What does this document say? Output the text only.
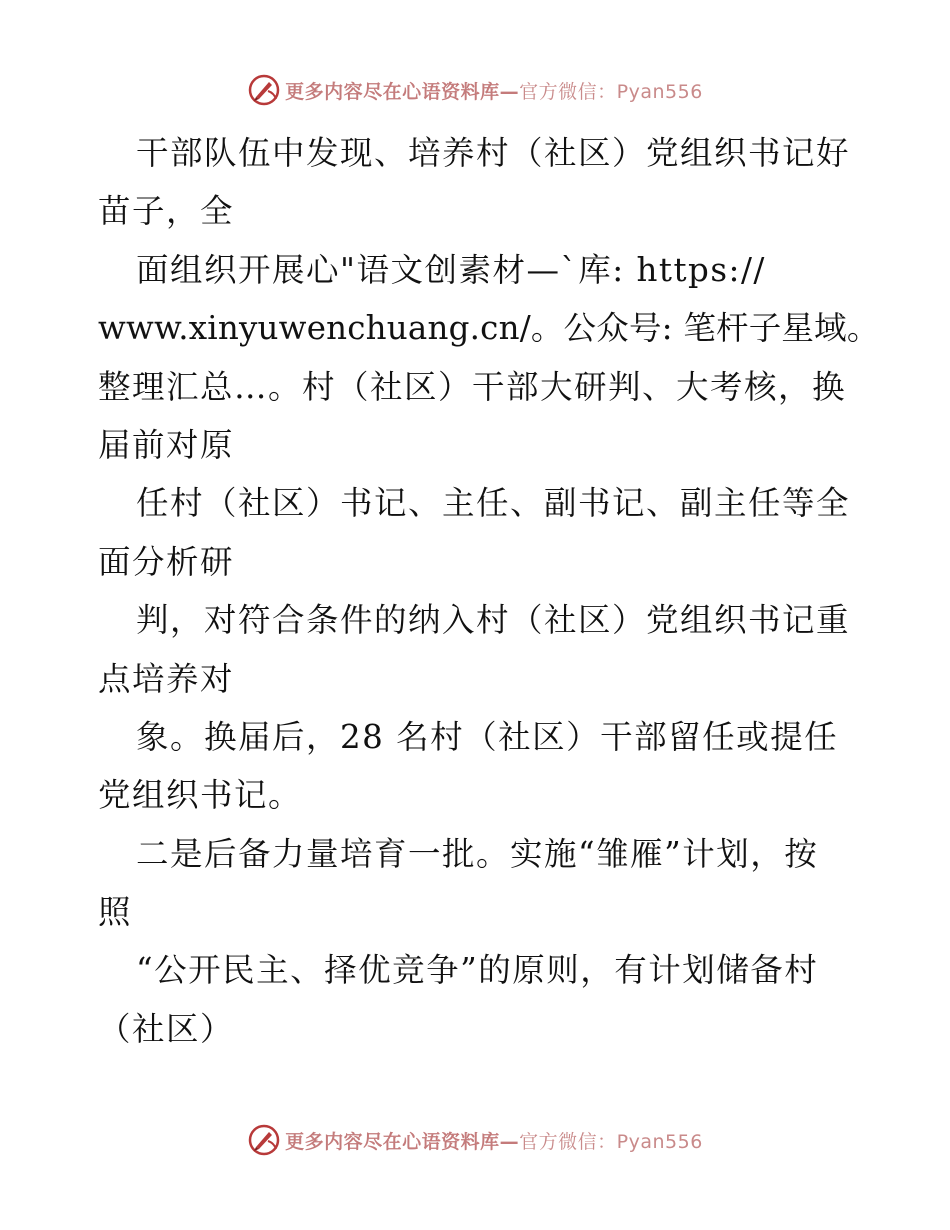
更多内容尽在心语资料库—官方微信：Pyan556
干部队伍中发现、培养村（社区）党组织书记好
苗子，全
面组织开展心"语文创素材—`库: https://
www.xinyuwenchuang.cn/。公众号: 笔杆子星域。
整理汇总…。村（社区）干部大研判、大考核，换
届前对原
任村（社区）书记、主任、副书记、副主任等全
面分析研
判，对符合条件的纳入村（社区）党组织书记重
点培养对
象。换届后，28 名村（社区）干部留任或提任
党组织书记。
二是后备力量培育一批。实施“雏雁”计划，按
照
“公开民主、择优竞争”的原则，有计划储备村
（社区）
更多内容尽在心语资料库—官方微信：Pyan556
